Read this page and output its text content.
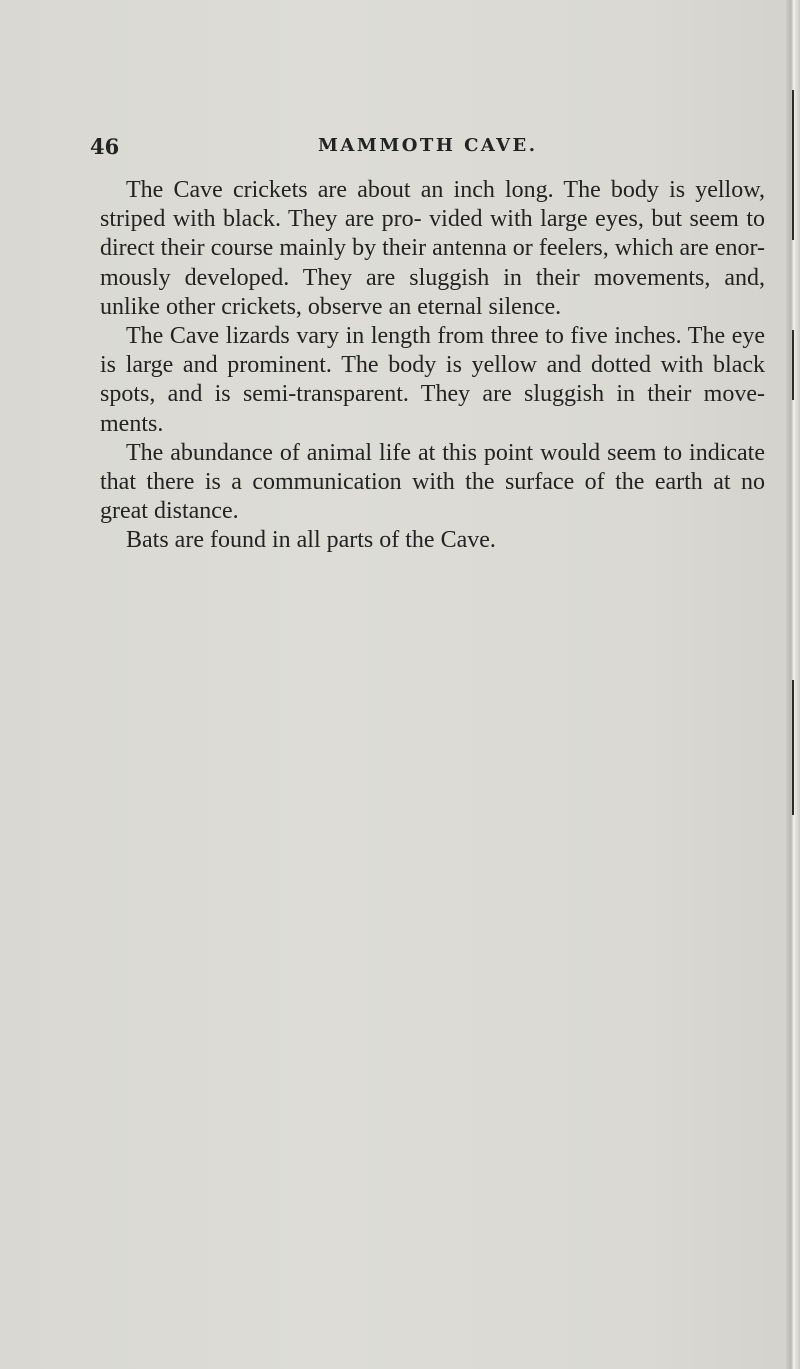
46	MAMMOTH CAVE.

The Cave crickets are about an inch long. The body is yellow, striped with black. They are pro- vided with large eyes, but seem to direct their course mainly by their antenna or feelers, which are enor- mously developed. They are sluggish in their movements, and, unlike other crickets, observe an eternal silence.

The Cave lizards vary in length from three to five inches. The eye is large and prominent. The body is yellow and dotted with black spots, and is semi-transparent. They are sluggish in their move- ments.

The abundance of animal life at this point would seem to indicate that there is a communication with the surface of the earth at no great distance.

Bats are found in all parts of the Cave.
